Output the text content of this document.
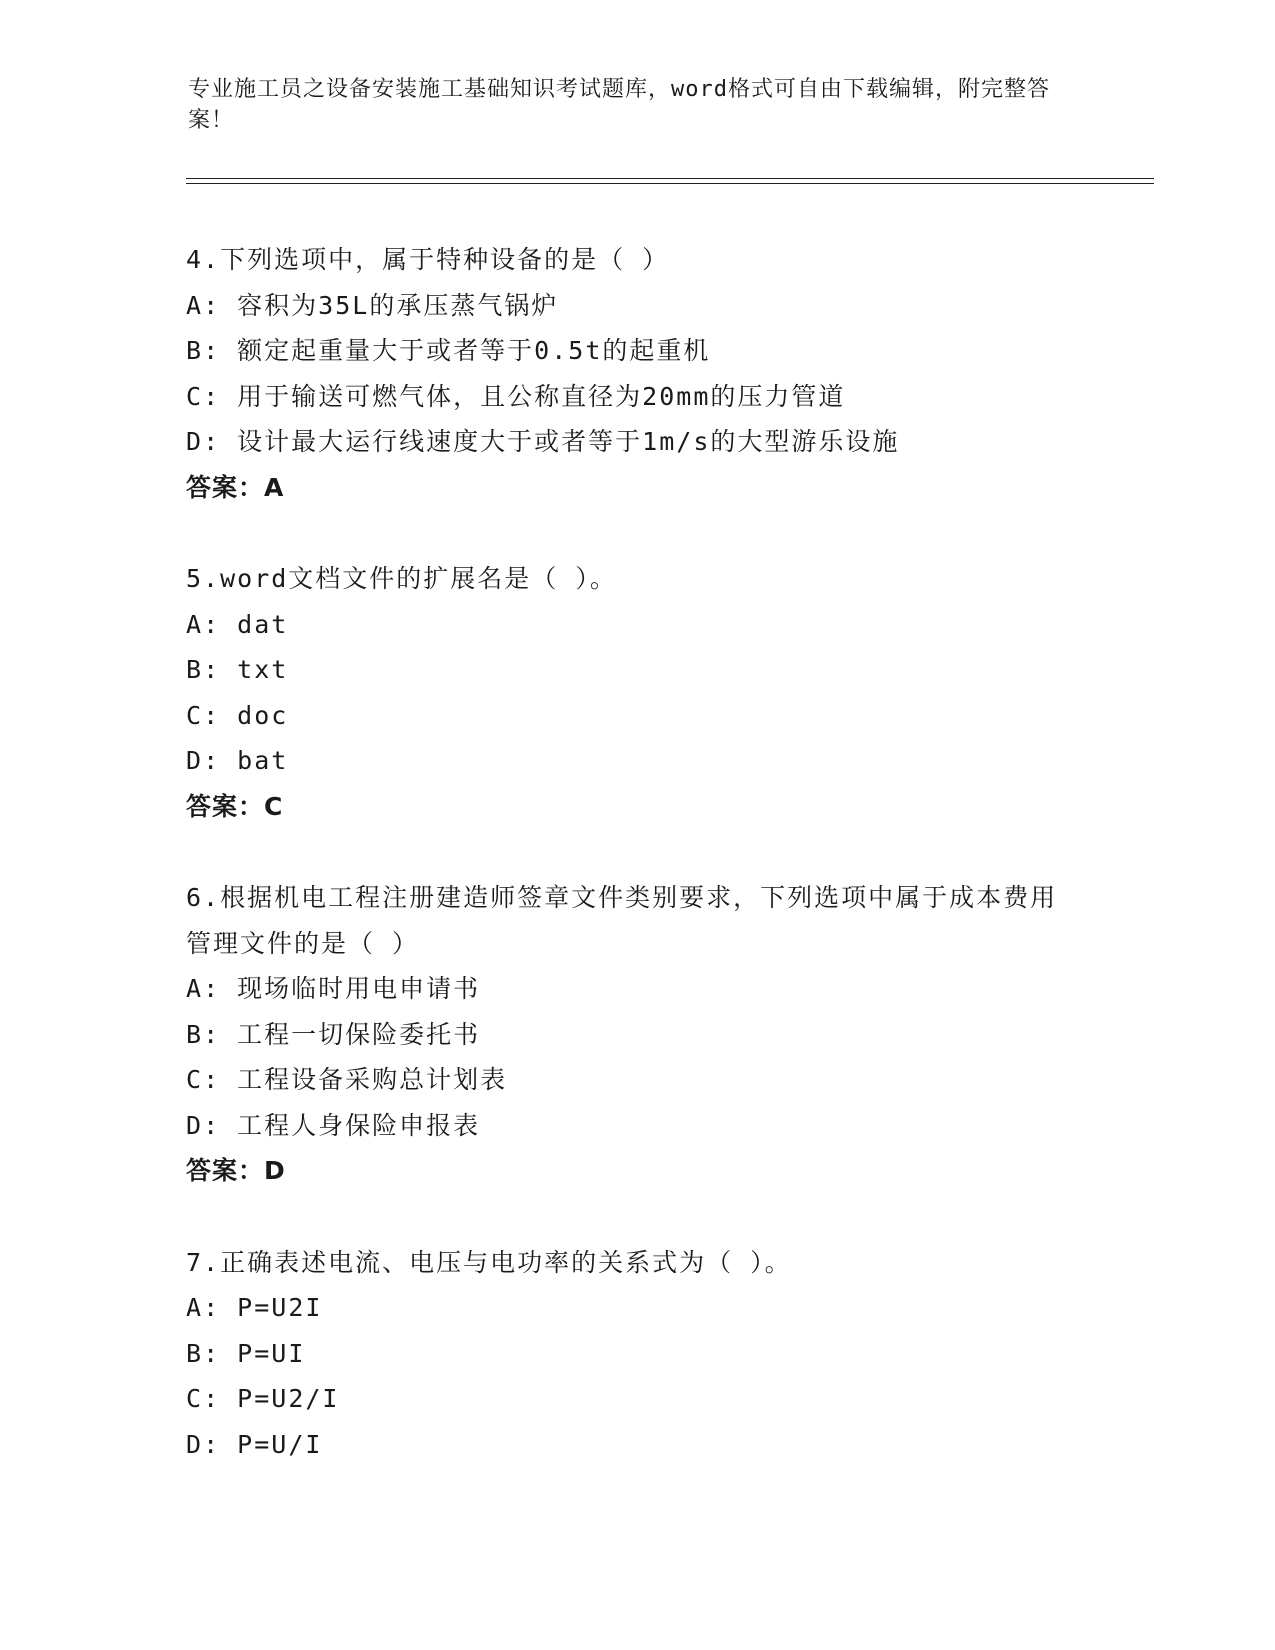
专业施工员之设备安装施工基础知识考试题库，word格式可自由下载编辑，附完整答案！
4.下列选项中，属于特种设备的是（ ）
A: 容积为35L的承压蒸气锅炉
B: 额定起重量大于或者等于0.5t的起重机
C: 用于输送可燃气体，且公称直径为20mm的压力管道
D: 设计最大运行线速度大于或者等于1m/s的大型游乐设施
答案：A
5.word文档文件的扩展名是（ ）。
A: dat
B: txt
C: doc
D: bat
答案：C
6.根据机电工程注册建造师签章文件类别要求，下列选项中属于成本费用管理文件的是（ ）
A: 现场临时用电申请书
B: 工程一切保险委托书
C: 工程设备采购总计划表
D: 工程人身保险申报表
答案：D
7.正确表述电流、电压与电功率的关系式为（ ）。
A: P=U2I
B: P=UI
C: P=U2/I
D: P=U/I
